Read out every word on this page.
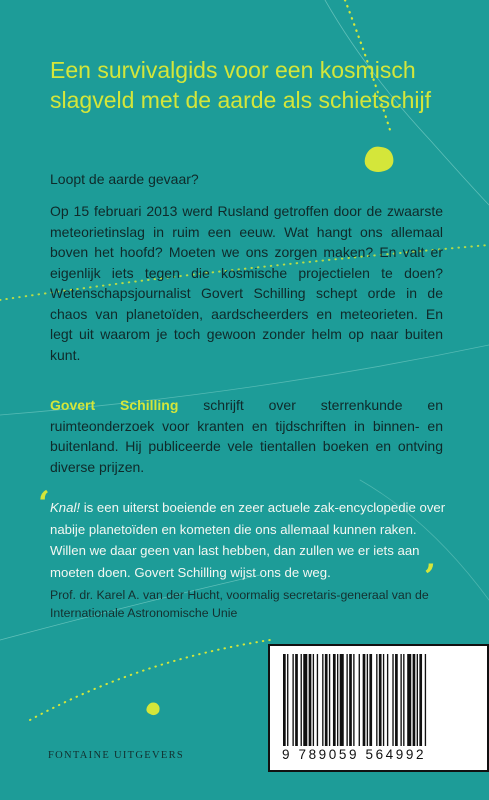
Een survivalgids voor een kosmisch slagveld met de aarde als schietschijf

Loopt de aarde gevaar?

Op 15 februari 2013 werd Rusland getroffen door de zwaarste meteorietinslag in ruim een eeuw. Wat hangt ons allemaal boven het hoofd? Moeten we ons zorgen maken? En valt er eigenlijk iets tegen die kosmische projectielen te doen? Wetenschapsjournalist Govert Schilling schept orde in de chaos van planetoïden, aardscheerders en meteorieten. En legt uit waarom je toch gewoon zonder helm op naar buiten kunt.

Govert Schilling schrijft over sterrenkunde en ruimteonderzoek voor kranten en tijdschriften in binnen- en buitenland. Hij publiceerde vele tientallen boeken en ontving diverse prijzen.

‘ Knal! is een uiterst boeiende en zeer actuele zak-encyclopedie over nabije planetoïden en kometen die ons allemaal kunnen raken. Willen we daar geen van last hebben, dan zullen we er iets aan moeten doen. Govert Schilling wijst ons de weg.	’

Prof. dr. Karel A. van der Hucht, voormalig secretaris-generaal van de Internationale Astronomische Unie

9 789059 564992

FONTAINE UITGEVERS
